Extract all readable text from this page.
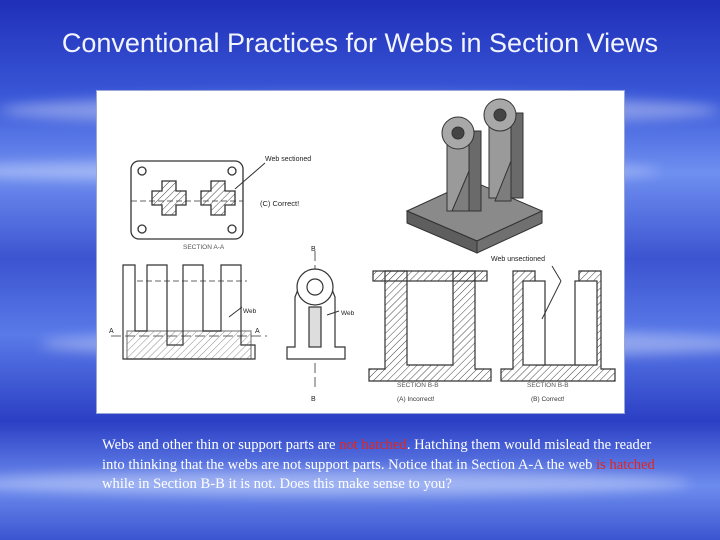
Conventional Practices for Webs in Section Views
Web sectioned
(C) Correct!
SECTION A-A
A	A
Web
B
B
Web
SECTION B-B
(A) Incorrect!
Web unsectioned
SECTION B-B
(B) Correct!
Webs and other thin or support parts are not hatched. Hatching them would mislead the reader into thinking that the webs are not support parts. Notice that in Section A-A the web is hatched while in Section B-B it is not. Does this make sense to you?
